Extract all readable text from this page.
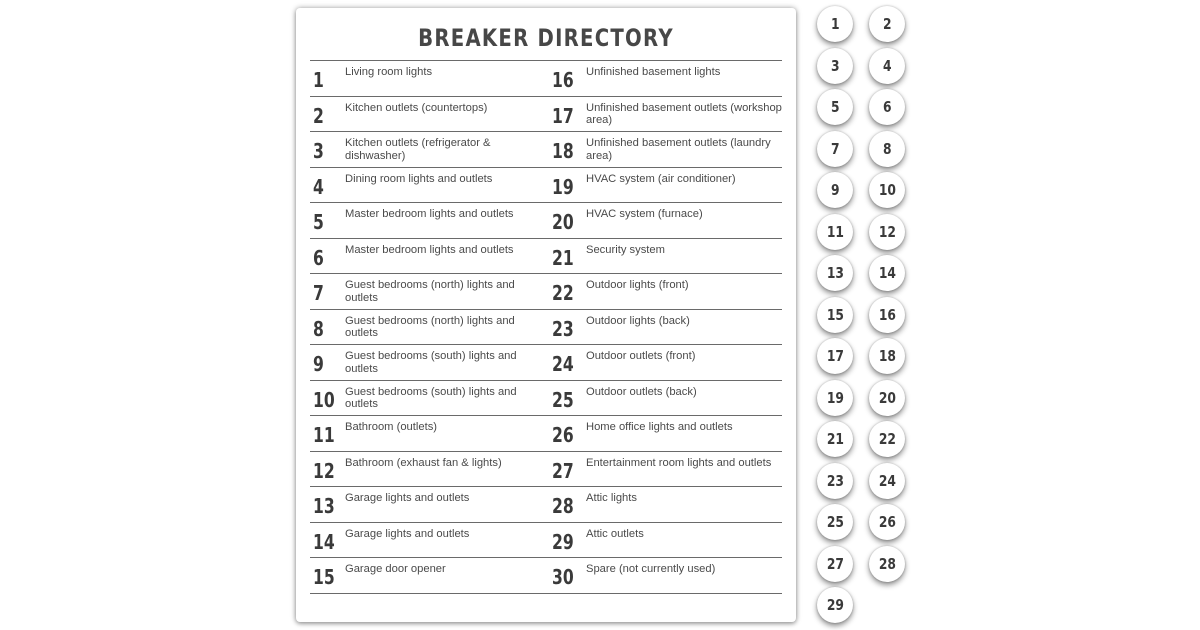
BREAKER DIRECTORY
1 Living room lights	16 Unfinished basement lights
2 Kitchen outlets (countertops)	17 Unfinished basement outlets (workshop area)
3 Kitchen outlets (refrigerator & dishwasher)	18 Unfinished basement outlets (laundry area)
4 Dining room lights and outlets	19 HVAC system (air conditioner)
5 Master bedroom lights and outlets	20 HVAC system (furnace)
6 Master bedroom lights and outlets	21 Security system
7 Guest bedrooms (north) lights and outlets	22 Outdoor lights (front)
8 Guest bedrooms (north) lights and outlets	23 Outdoor lights (back)
9 Guest bedrooms (south) lights and outlets	24 Outdoor outlets (front)
10 Guest bedrooms (south) lights and outlets	25 Outdoor outlets (back)
11 Bathroom (outlets)	26 Home office lights and outlets
12 Bathroom (exhaust fan & lights)	27 Entertainment room lights and outlets
13 Garage lights and outlets	28 Attic lights
14 Garage lights and outlets	29 Attic outlets
15 Garage door opener	30 Spare (not currently used)
1	2
3	4
5	6
7	8
9	10
11 12
13 14
15 16
17 18
19 20
21 22
23 24
25 26
27 28
29
